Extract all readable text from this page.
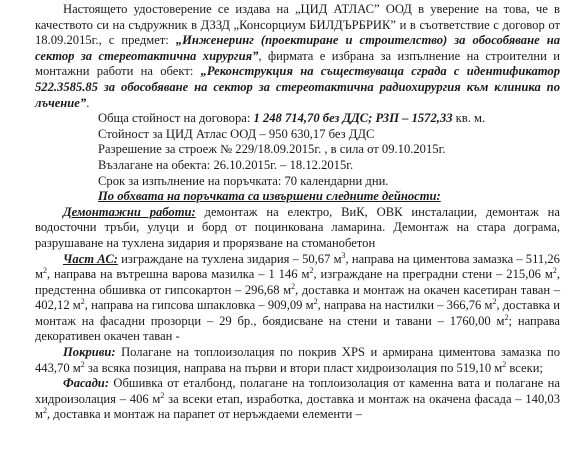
Настоящето удостоверение се издава на „ЦИД АТЛАС” ООД в уверение на това, че в качеството си на съдружник в ДЗЗД „Консорциум БИЛДЪРБРИК” и в съответствие с договор от 18.09.2015г., с предмет: „Инженеринг (проектиране и строителство) за обособяване на сектор за стереотактична хирургия”, фирмата е избрана за изпълнение на строителни и монтажни работи на обект: „Реконструкция на съществуваща сграда с идентификатор 522.3585.85 за обособяване на сектор за стереотактична радиохирургия към клиника по лъчение”.

Обща стойност на договора: 1 248 714,70 без ДДС; РЗП – 1572,33 кв. м.

Стойност за ЦИД Атлас ООД – 950 630,17 без ДДС

Разрешение за строеж № 229/18.09.2015г. , в сила от 09.10.2015г.

Възлагане на обекта: 26.10.2015г. – 18.12.2015г.

Срок за изпълнение на поръчката: 70 календарни дни.

По обхвата на поръчката са извършени следните дейности:

Демонтажни работи: демонтаж на електро, ВиК, ОВК инсталации, демонтаж на водосточни тръби, улуци и борд от поцинкована ламарина. Демонтаж на стара дограма, разрушаване на тухлена зидария и прорязване на стоманобетон

Част АС: изграждане на тухлена зидария – 50,67 $м^3$, направа на циментова замазка – 511,26 $м^2$, направа на вътрешна варова мазилка – 1 146 $м^2$, изграждане на преградни стени – 215,06 $м^2$, предстенна обшивка от гипсокартон – 296,68 $м^2$, доставка и монтаж на окачен касетиран таван – 402,12 $м^2$, направа на гипсова шпакловка – 909,09 $м^2$, направа на настилки – 366,76 $м^2$, доставка и монтаж на фасадни прозорци – 29 бр., боядисване на стени и тавани – 1760,00 $м^2$; направа декоративен окачен таван -

Покриви: Полагане на топлоизолация по покрив XPS и армирана циментова замазка по 443,70 $м^2$ за всяка позиция, направа на първи и втори пласт хидроизолация по 519,10 $м^2$ всеки;

Фасади: Обшивка от еталбонд, полагане на топлоизолация от каменна вата и полагане на хидроизолация – 406 $м^2$ за всеки етап, изработка, доставка и монтаж на окачена фасада – 140,03 $м^2$, доставка и монтаж на парапет от неръждаеми елементи –
